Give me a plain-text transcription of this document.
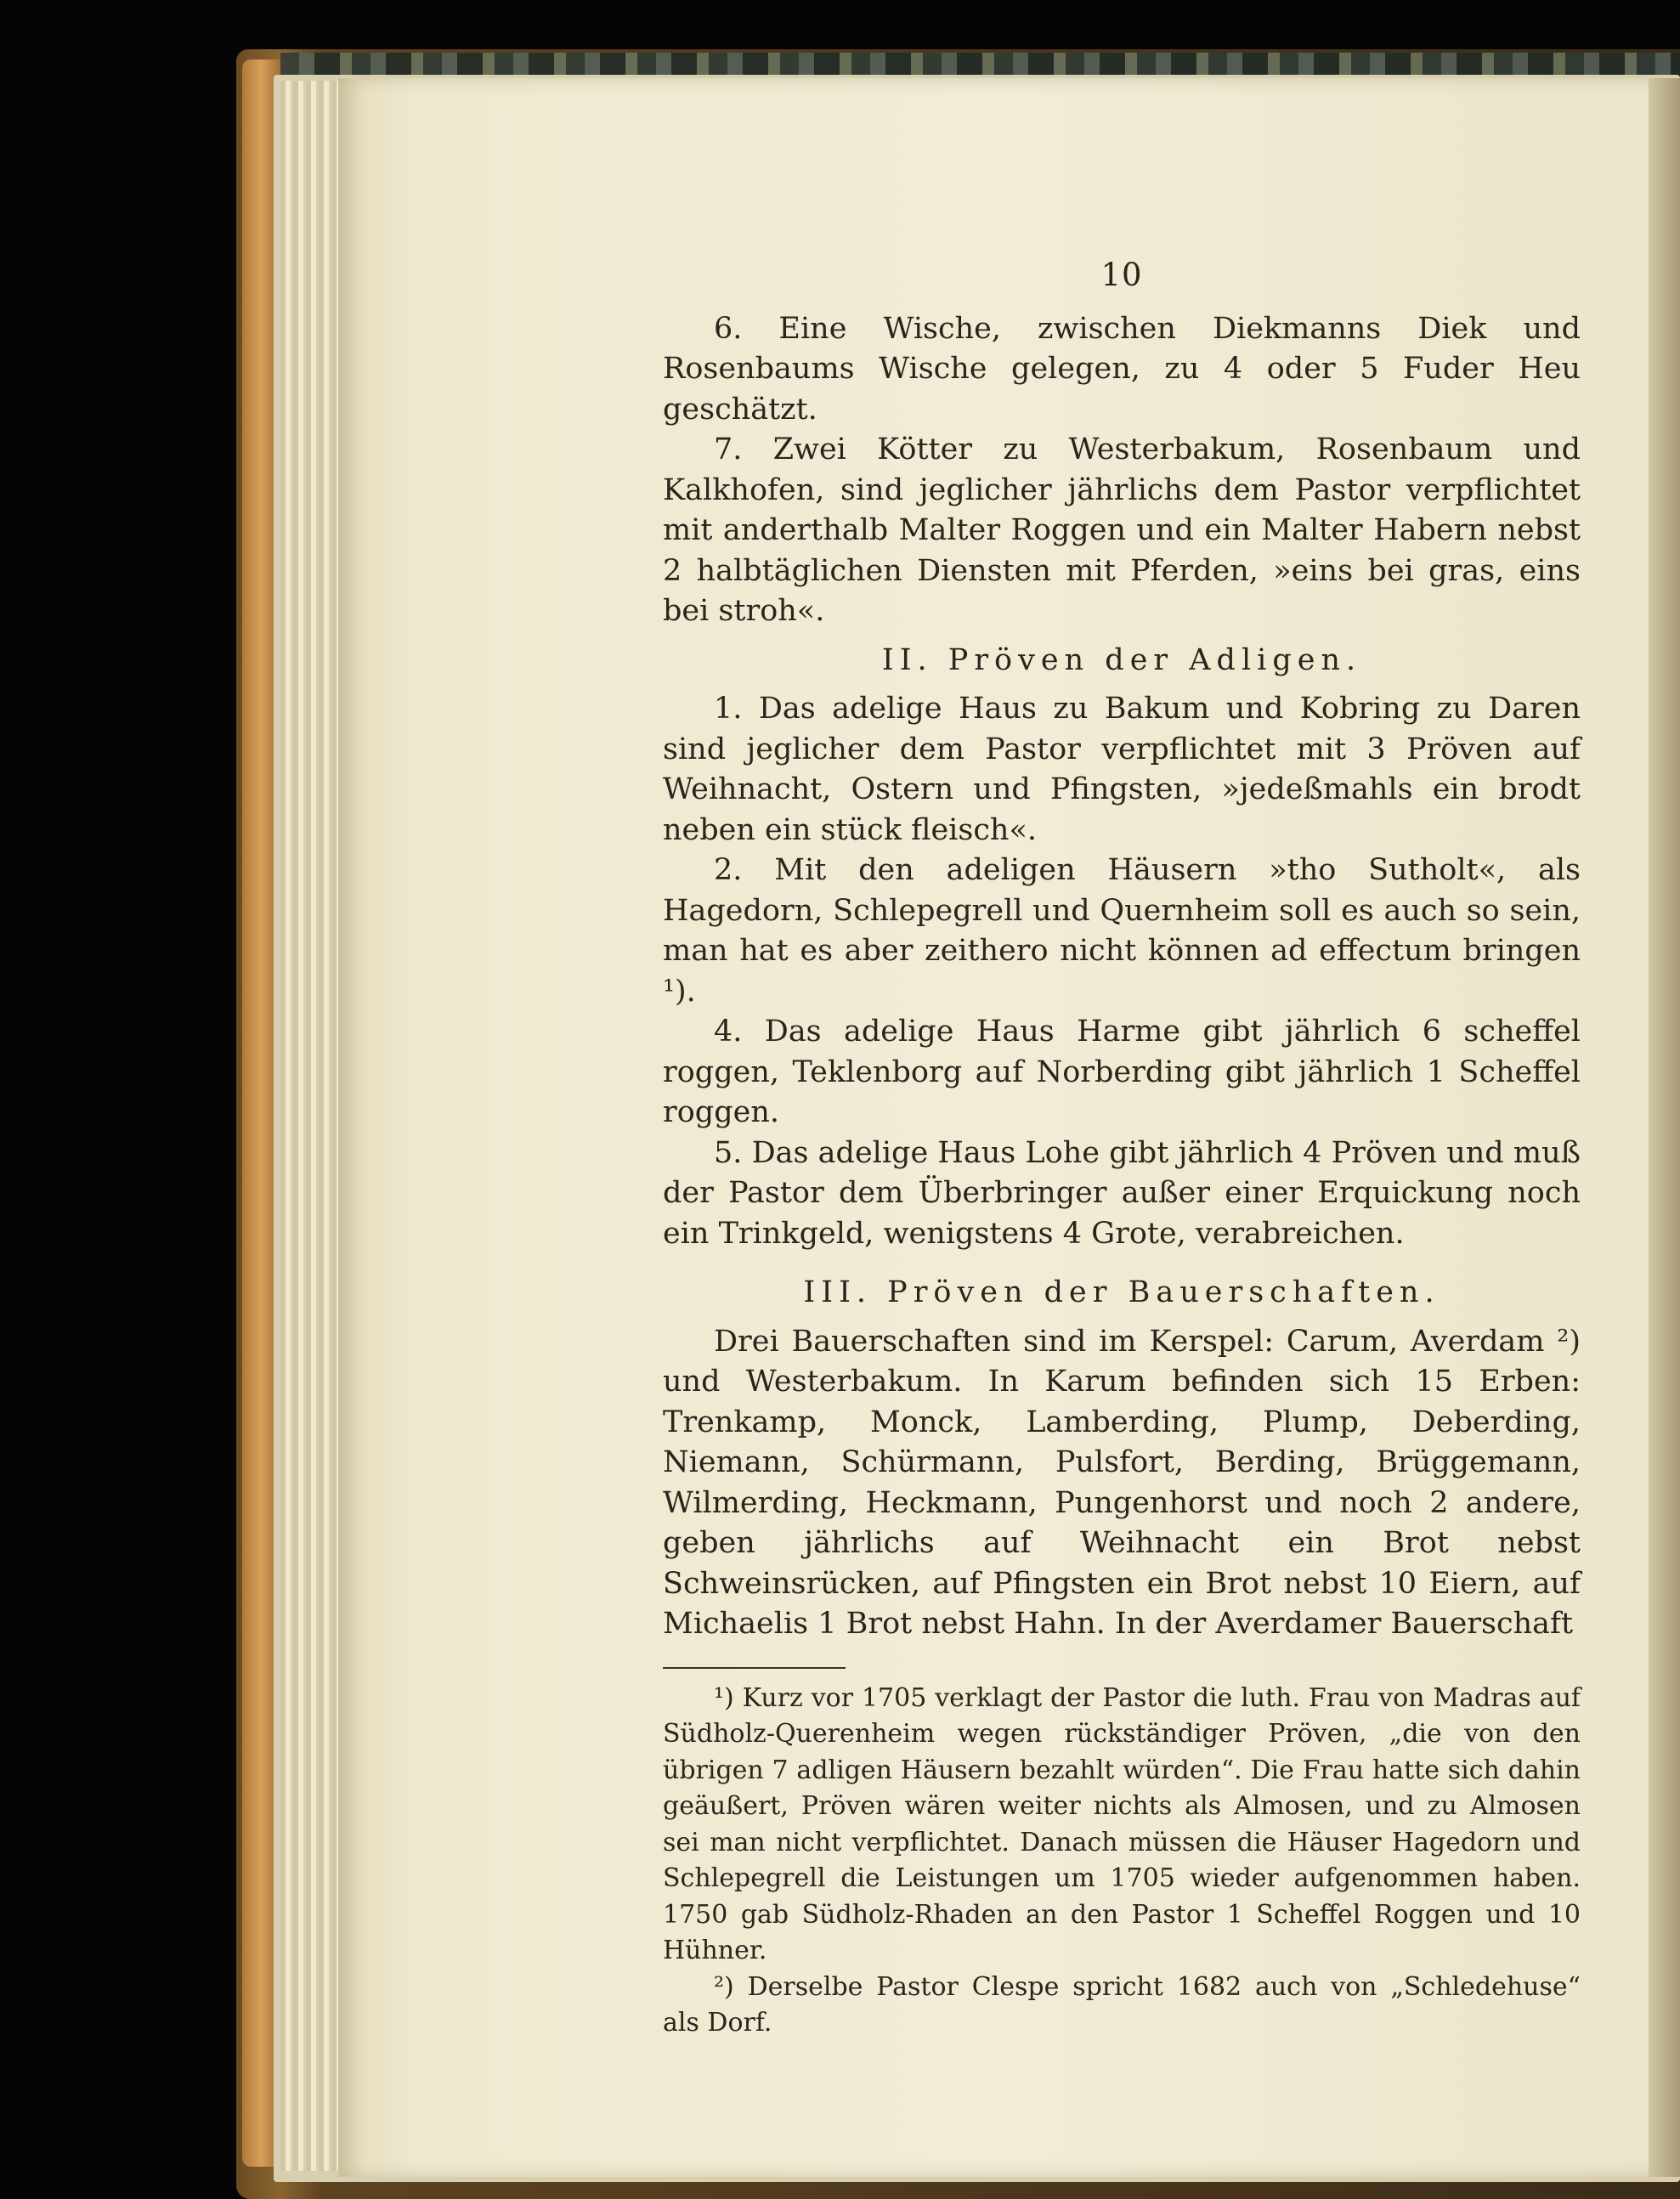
10

6. Eine Wische, zwischen Diekmanns Diek und Rosenbaums Wische gelegen, zu 4 oder 5 Fuder Heu geschätzt.

7. Zwei Kötter zu Westerbakum, Rosenbaum und Kalkhofen, sind jeglicher jährlichs dem Pastor verpflichtet mit anderthalb Malter Roggen und ein Malter Habern nebst 2 halbtäglichen Diensten mit Pferden, »eins bei gras, eins bei stroh«.

II. Pröven der Adligen.

1. Das adelige Haus zu Bakum und Kobring zu Daren sind jeglicher dem Pastor verpflichtet mit 3 Pröven auf Weihnacht, Ostern und Pfingsten, »jedeßmahls ein brodt neben ein stück fleisch«.

2. Mit den adeligen Häusern »tho Sutholt«, als Hagedorn, Schlepegrell und Quernheim soll es auch so sein, man hat es aber zeithero nicht können ad effectum bringen ¹).

4. Das adelige Haus Harme gibt jährlich 6 scheffel roggen, Teklenborg auf Norberding gibt jährlich 1 Scheffel roggen.

5. Das adelige Haus Lohe gibt jährlich 4 Pröven und muß der Pastor dem Überbringer außer einer Erquickung noch ein Trinkgeld, wenigstens 4 Grote, verabreichen.

III. Pröven der Bauerschaften.

Drei Bauerschaften sind im Kerspel: Carum, Averdam ²) und Westerbakum. In Karum befinden sich 15 Erben: Trenkamp, Monck, Lamberding, Plump, Deberding, Niemann, Schürmann, Pulsfort, Berding, Brüggemann, Wilmerding, Heckmann, Pungenhorst und noch 2 andere, geben jährlichs auf Weihnacht ein Brot nebst Schweinsrücken, auf Pfingsten ein Brot nebst 10 Eiern, auf Michaelis 1 Brot nebst Hahn. In der Averdamer Bauerschaft

¹) Kurz vor 1705 verklagt der Pastor die luth. Frau von Madras auf Südholz-Querenheim wegen rückständiger Pröven, „die von den übrigen 7 adligen Häusern bezahlt würden“. Die Frau hatte sich dahin geäußert, Pröven wären weiter nichts als Almosen, und zu Almosen sei man nicht verpflichtet. Danach müssen die Häuser Hagedorn und Schlepegrell die Leistungen um 1705 wieder aufgenommen haben. 1750 gab Südholz-Rhaden an den Pastor 1 Scheffel Roggen und 10 Hühner.

²) Derselbe Pastor Clespe spricht 1682 auch von „Schledehuse“ als Dorf.
